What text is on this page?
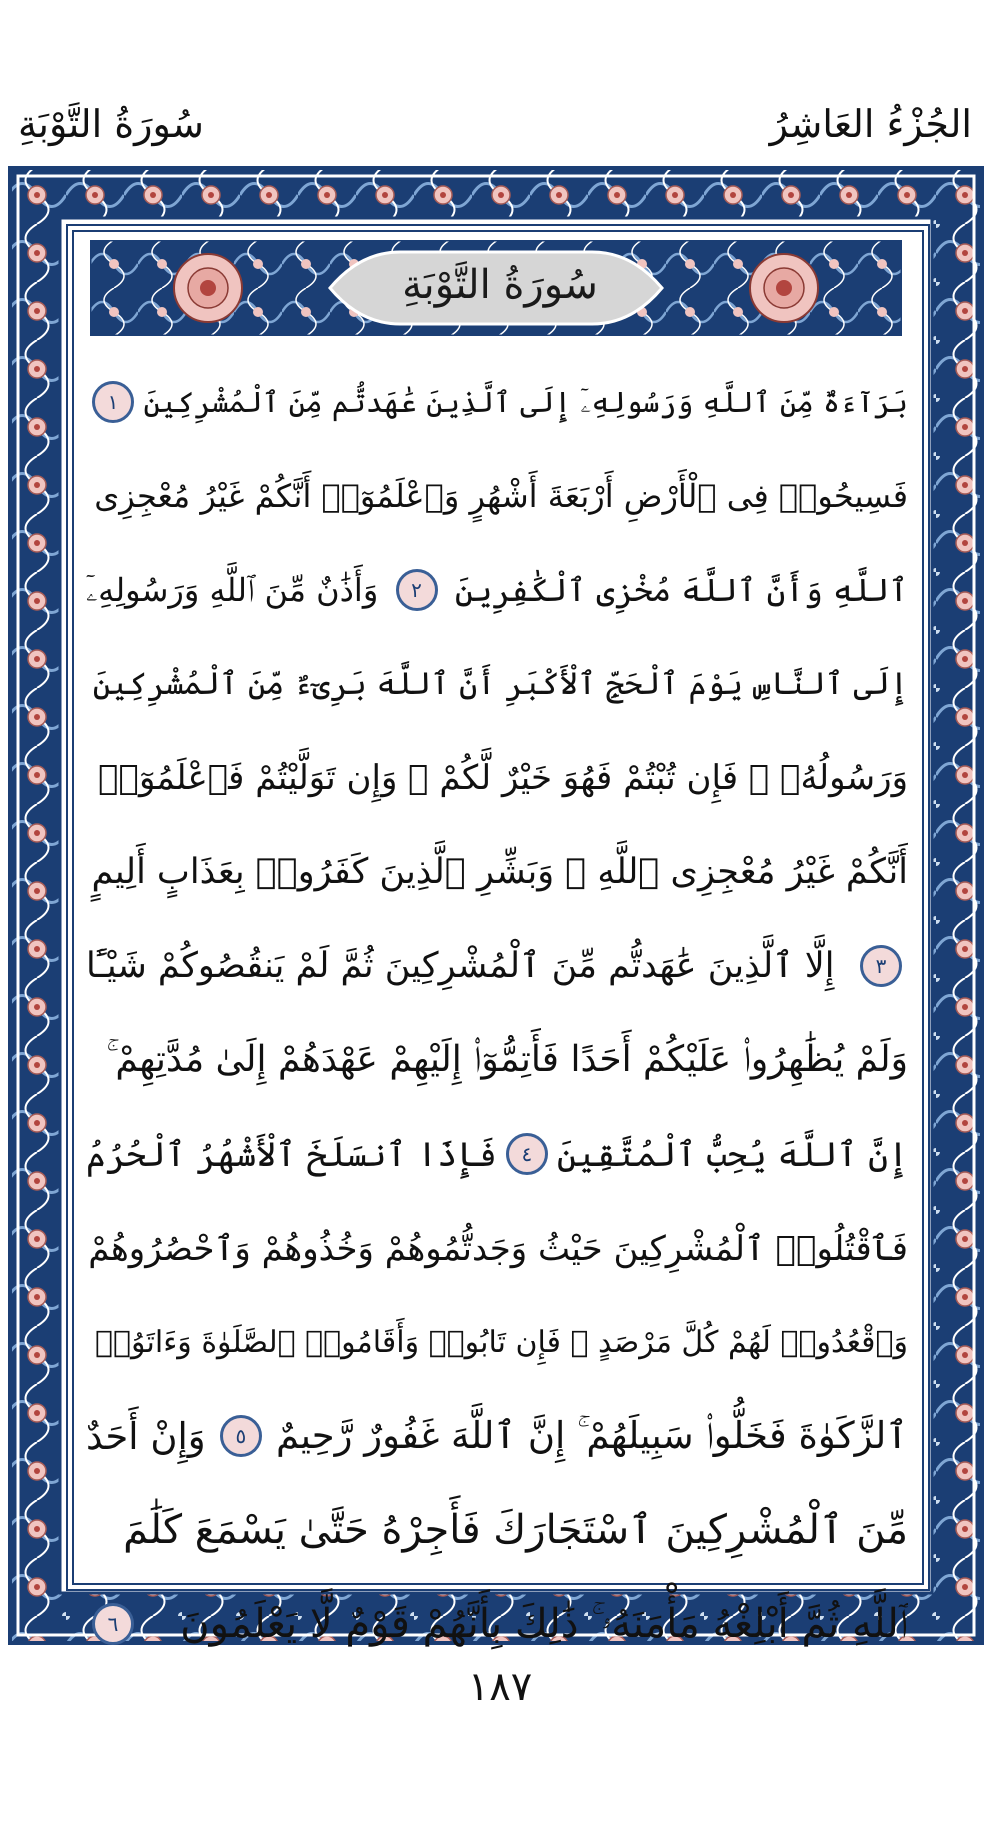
الجُزْءُ العَاشِرُ
سُورَةُ التَّوْبَةِ
سُورَةُ التَّوْبَةِ
بَرَآءَةٌ مِّنَ ٱللَّهِ وَرَسُولِهِۦٓ إِلَى ٱلَّذِينَ عَٰهَدتُّم مِّنَ ٱلْمُشْرِكِينَ
١
فَسِيحُوا۟ فِى ٱلْأَرْضِ أَرْبَعَةَ أَشْهُرٍ وَٱعْلَمُوٓا۟ أَنَّكُمْ غَيْرُ مُعْجِزِى
ٱللَّهِ وَأَنَّ ٱللَّهَ مُخْزِى ٱلْكَٰفِرِينَ
٢
وَأَذَٰنٌ مِّنَ ٱللَّهِ وَرَسُولِهِۦٓ
إِلَى ٱلنَّاسِ يَوْمَ ٱلْحَجِّ ٱلْأَكْبَرِ أَنَّ ٱللَّهَ بَرِىٓءٌ مِّنَ ٱلْمُشْرِكِينَ
وَرَسُولُهُۥ ۚ فَإِن تُبْتُمْ فَهُوَ خَيْرٌ لَّكُمْ ۖ وَإِن تَوَلَّيْتُمْ فَٱعْلَمُوٓا۟
أَنَّكُمْ غَيْرُ مُعْجِزِى ٱللَّهِ ۗ وَبَشِّرِ ٱلَّذِينَ كَفَرُوا۟ بِعَذَابٍ أَلِيمٍ
٣
إِلَّا ٱلَّذِينَ عَٰهَدتُّم مِّنَ ٱلْمُشْرِكِينَ ثُمَّ لَمْ يَنقُصُوكُمْ شَيْـًٔا
وَلَمْ يُظَٰهِرُوا۟ عَلَيْكُمْ أَحَدًا فَأَتِمُّوٓا۟ إِلَيْهِمْ عَهْدَهُمْ إِلَىٰ مُدَّتِهِمْ ۚ
إِنَّ ٱللَّهَ يُحِبُّ ٱلْمُتَّقِينَ
٤
فَإِذَا ٱنسَلَخَ ٱلْأَشْهُرُ ٱلْحُرُمُ
فَٱقْتُلُوا۟ ٱلْمُشْرِكِينَ حَيْثُ وَجَدتُّمُوهُمْ وَخُذُوهُمْ وَٱحْصُرُوهُمْ
وَٱقْعُدُوا۟ لَهُمْ كُلَّ مَرْصَدٍ ۚ فَإِن تَابُوا۟ وَأَقَامُوا۟ ٱلصَّلَوٰةَ وَءَاتَوُا۟
ٱلزَّكَوٰةَ فَخَلُّوا۟ سَبِيلَهُمْ ۚ إِنَّ ٱللَّهَ غَفُورٌ رَّحِيمٌ
٥
وَإِنْ أَحَدٌ
مِّنَ ٱلْمُشْرِكِينَ ٱسْتَجَارَكَ فَأَجِرْهُ حَتَّىٰ يَسْمَعَ كَلَٰمَ
ٱللَّهِ ثُمَّ أَبْلِغْهُ مَأْمَنَهُۥ ۚ ذَٰلِكَ بِأَنَّهُمْ قَوْمٌ لَّا يَعْلَمُونَ
٦
١٨٧
